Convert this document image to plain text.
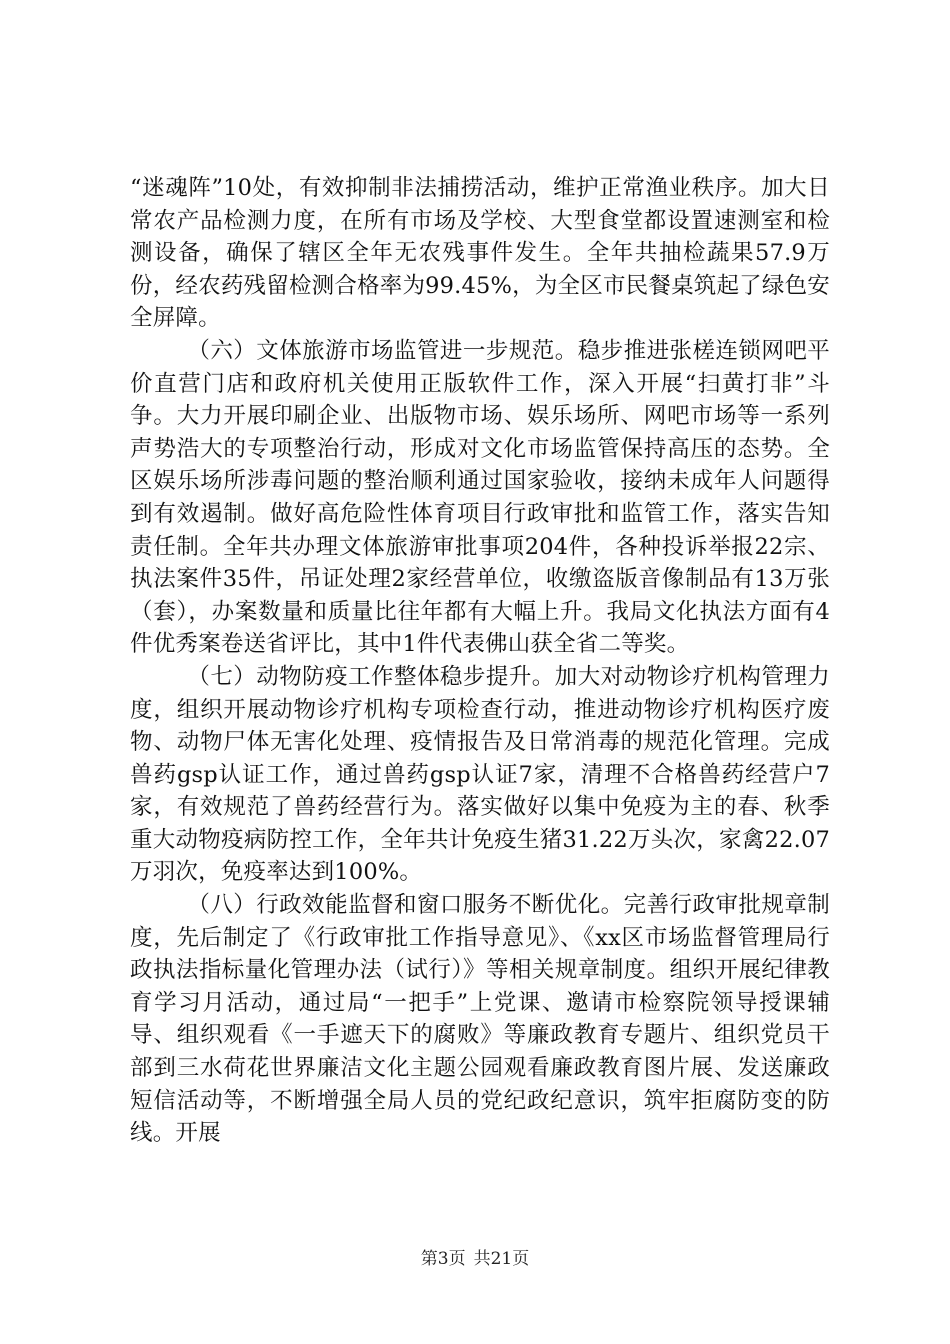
“迷魂阵”10处，有效抑制非法捕捞活动，维护正常渔业秩序。加大日常农产品检测力度，在所有市场及学校、大型食堂都设置速测室和检测设备，确保了辖区全年无农残事件发生。全年共抽检蔬果57.9万份，经农药残留检测合格率为99.45%，为全区市民餐桌筑起了绿色安全屏障。

（六）文体旅游市场监管进一步规范。稳步推进张槎连锁网吧平价直营门店和政府机关使用正版软件工作，深入开展“扫黄打非”斗争。大力开展印刷企业、出版物市场、娱乐场所、网吧市场等一系列声势浩大的专项整治行动，形成对文化市场监管保持高压的态势。全区娱乐场所涉毒问题的整治顺利通过国家验收，接纳未成年人问题得到有效遏制。做好高危险性体育项目行政审批和监管工作，落实告知责任制。全年共办理文体旅游审批事项204件，各种投诉举报22宗、执法案件35件，吊证处理2家经营单位，收缴盗版音像制品有13万张（套），办案数量和质量比往年都有大幅上升。我局文化执法方面有4件优秀案卷送省评比，其中1件代表佛山获全省二等奖。

（七）动物防疫工作整体稳步提升。加大对动物诊疗机构管理力度，组织开展动物诊疗机构专项检查行动，推进动物诊疗机构医疗废物、动物尸体无害化处理、疫情报告及日常消毒的规范化管理。完成兽药gsp认证工作，通过兽药gsp认证7家，清理不合格兽药经营户7家，有效规范了兽药经营行为。落实做好以集中免疫为主的春、秋季重大动物疫病防控工作，全年共计免疫生猪31.22万头次，家禽22.07万羽次，免疫率达到100%。

（八）行政效能监督和窗口服务不断优化。完善行政审批规章制度，先后制定了《行政审批工作指导意见》、《xx区市场监督管理局行政执法指标量化管理办法（试行）》等相关规章制度。组织开展纪律教育学习月活动，通过局“一把手”上党课、邀请市检察院领导授课辅导、组织观看《一手遮天下的腐败》等廉政教育专题片、组织党员干部到三水荷花世界廉洁文化主题公园观看廉政教育图片展、发送廉政短信活动等，不断增强全局人员的党纪政纪意识，筑牢拒腐防变的防线。开展

第3页 共21页
